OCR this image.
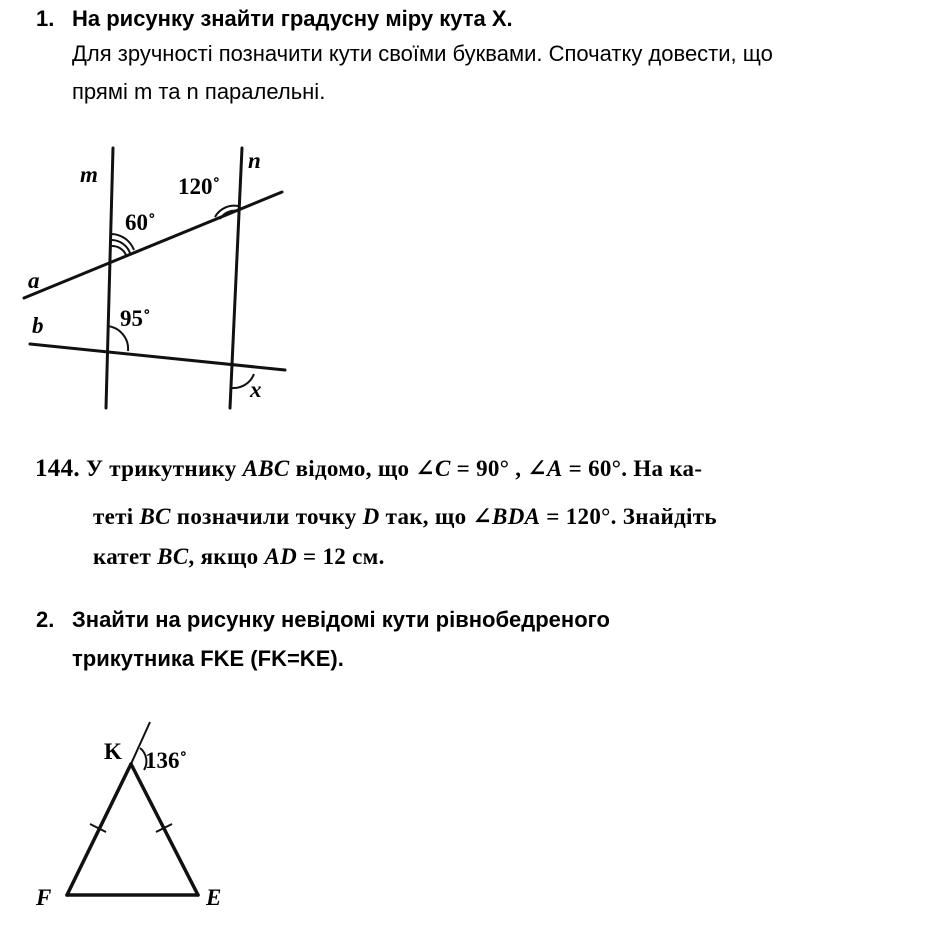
1. На рисунку знайти градусну міру кута X.
Для зручності позначити кути своїми буквами. Спочатку довести, що
прямі m та n паралельні.
m
n
a
b
x
60˚
120˚
95˚
144. У трикутнику ABC відомо, що ∠C = 90° , ∠A = 60°. На ка-
теті BC позначили точку D так, що ∠BDA = 120°. Знайдіть
катет BC, якщо AD = 12 см.
2. Знайти на рисунку невідомі кути рівнобедреного
трикутника FKE (FK=KE).
K 136˚
F	E
